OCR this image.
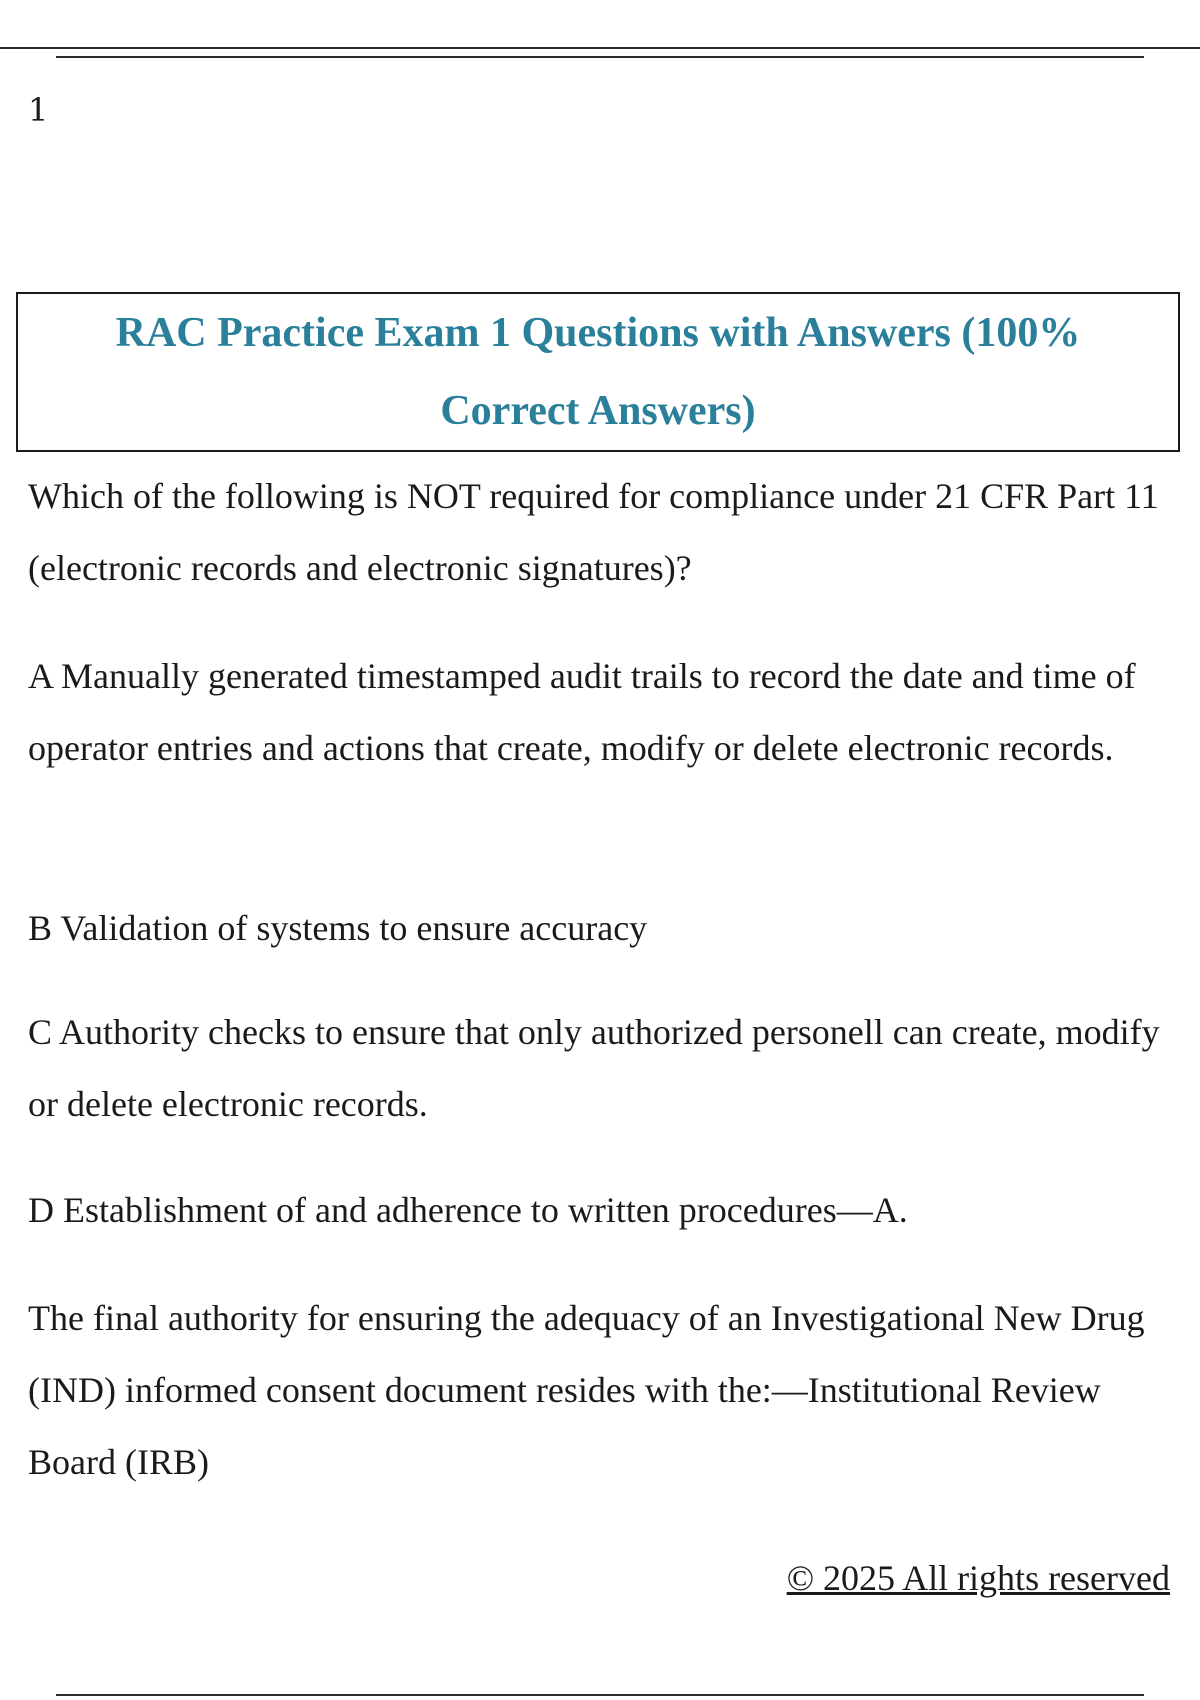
1
RAC Practice Exam 1 Questions with Answers (100% Correct Answers)
Which of the following is NOT required for compliance under 21 CFR Part 11 (electronic records and electronic signatures)?
A Manually generated timestamped audit trails to record the date and time of operator entries and actions that create, modify or delete electronic records.
B Validation of systems to ensure accuracy
C Authority checks to ensure that only authorized personell can create, modify or delete electronic records.
D Establishment of and adherence to written procedures—A.
The final authority for ensuring the adequacy of an Investigational New Drug (IND) informed consent document resides with the:—Institutional Review Board (IRB)
© 2025 All rights reserved
